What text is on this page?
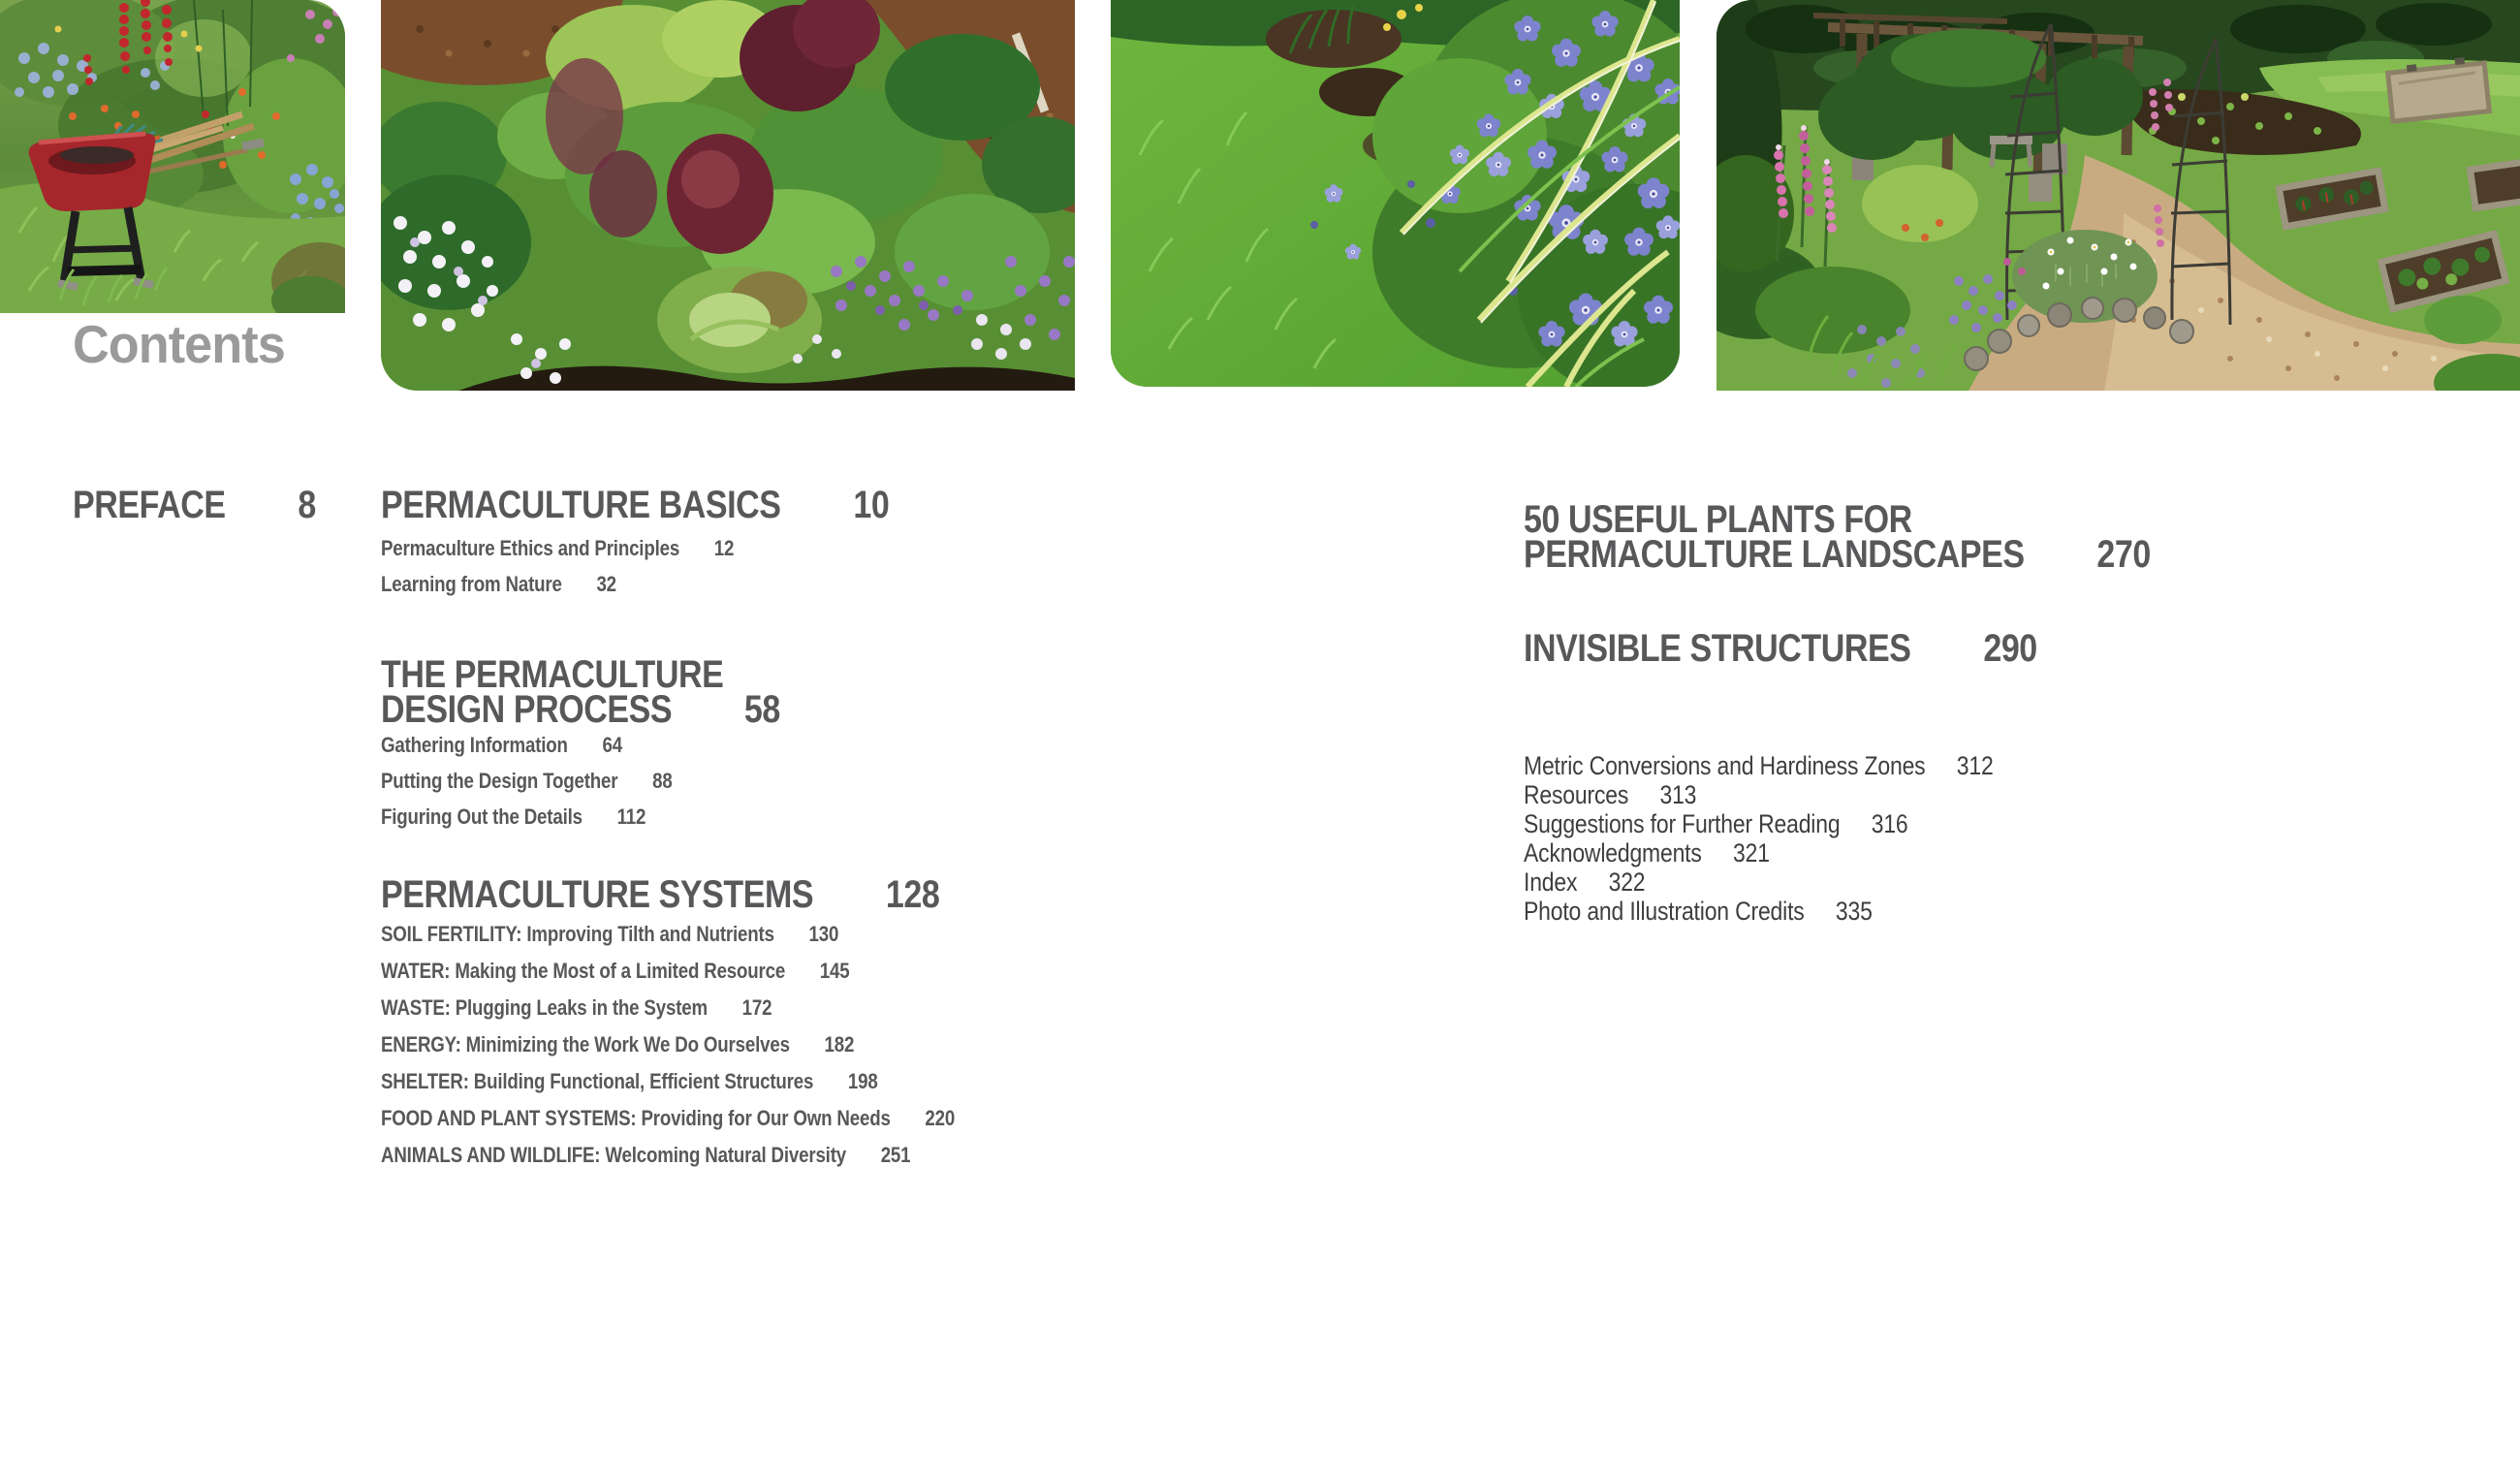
Contents
PREFACE 8 PERMACULTURE BASICS 10
Permaculture Ethics and Principles 12
Learning from Nature 32
THE PERMACULTURE
DESIGN PROCESS 58
Gathering Information 64
Putting the Design Together 88
Figuring Out the Details 112
PERMACULTURE SYSTEMS 128
SOIL FERTILITY: Improving Tilth and Nutrients 130
WATER: Making the Most of a Limited Resource 145
WASTE: Plugging Leaks in the System 172
ENERGY: Minimizing the Work We Do Ourselves 182
SHELTER: Building Functional, Efficient Structures 198
FOOD AND PLANT SYSTEMS: Providing for Our Own Needs 220
ANIMALS AND WILDLIFE: Welcoming Natural Diversity 251
50 USEFUL PLANTS FOR
PERMACULTURE LANDSCAPES 270
INVISIBLE STRUCTURES 290
Metric Conversions and Hardiness Zones 312
Resources 313
Suggestions for Further Reading 316
Acknowledgments 321
Index 322
Photo and Illustration Credits 335
